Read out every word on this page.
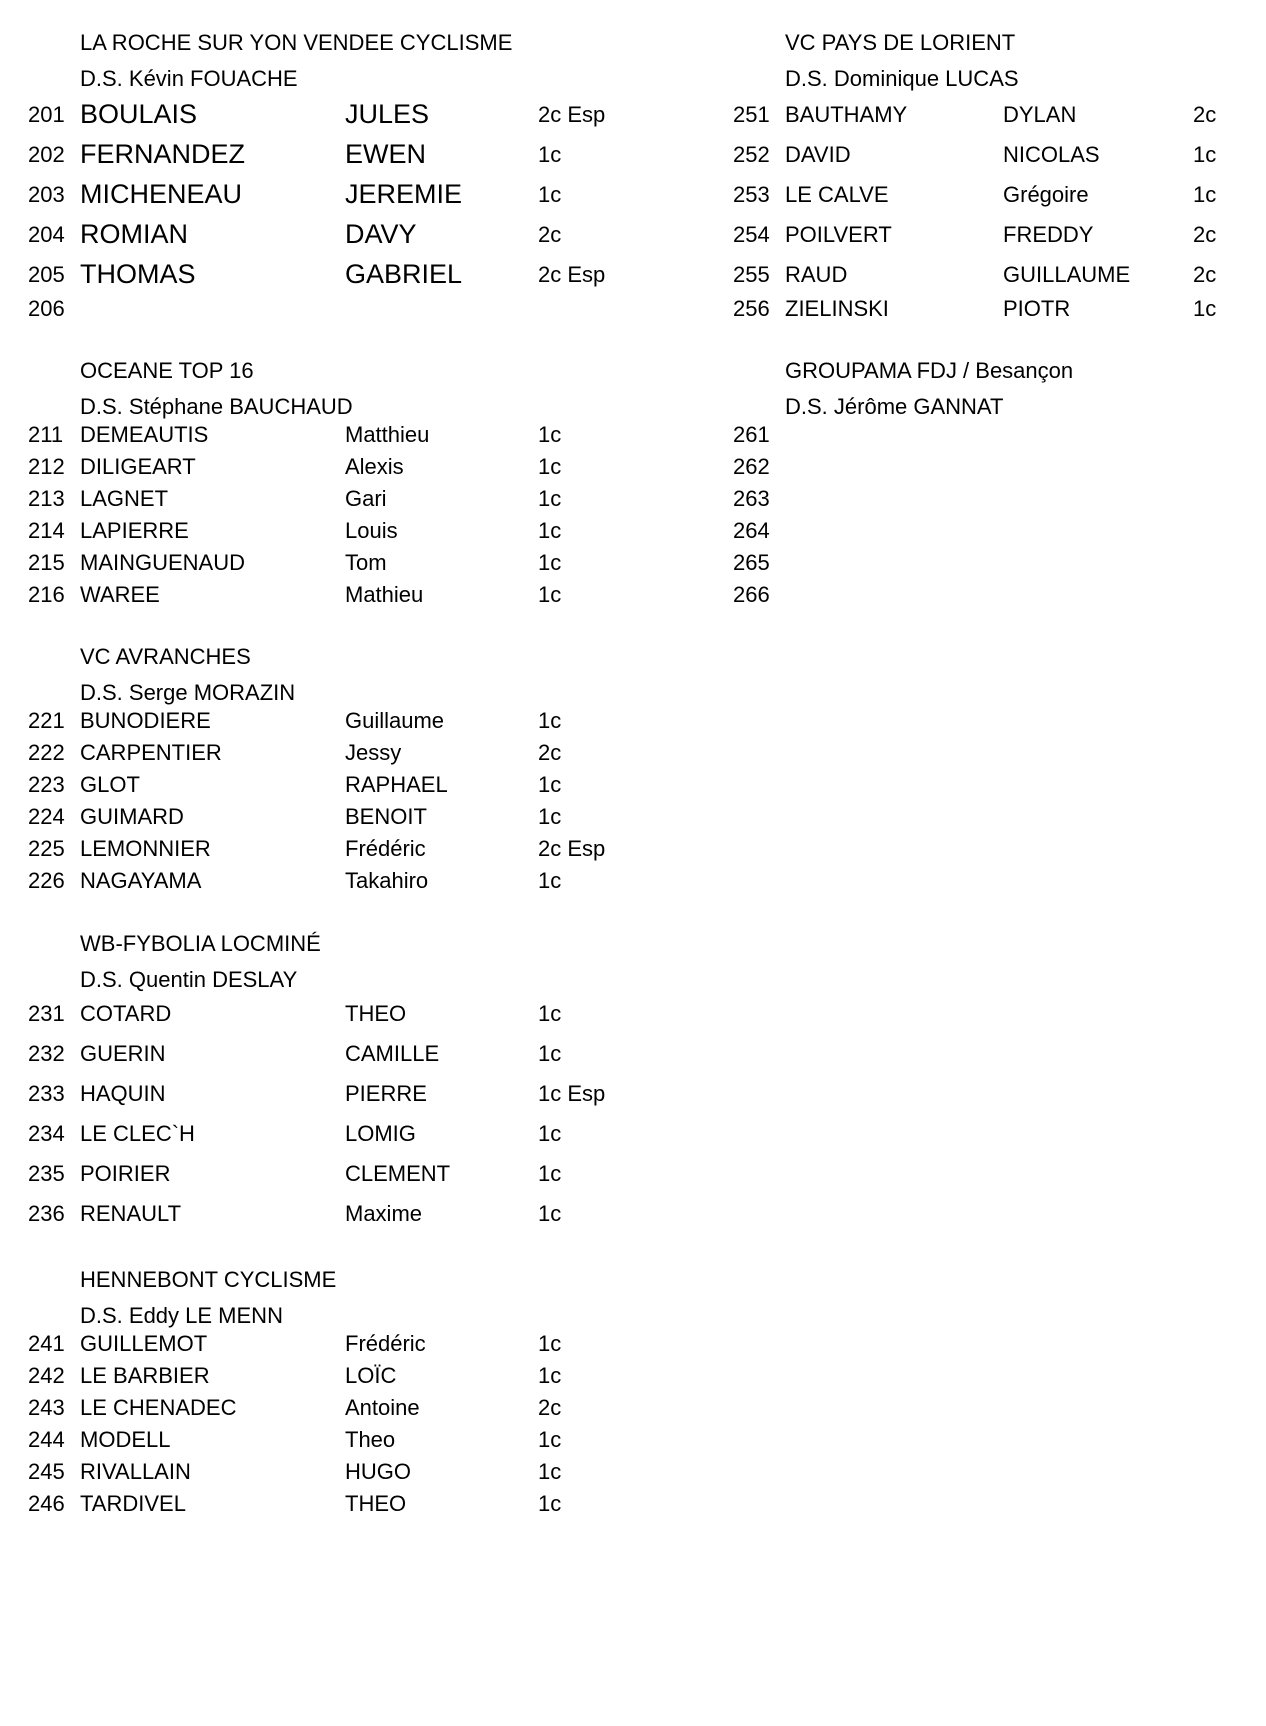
LA ROCHE SUR YON VENDEE CYCLISME
D.S. Kévin FOUACHE
201 BOULAIS	JULES	2c Esp
202 FERNANDEZ	EWEN	1c
203 MICHENEAU	JEREMIE	1c
204 ROMIAN	DAVY	2c
205 THOMAS	GABRIEL	2c Esp
206
OCEANE TOP 16
D.S. Stéphane BAUCHAUD
211 DEMEAUTIS	Matthieu	1c
212 DILIGEART	Alexis	1c
213 LAGNET	Gari	1c
214 LAPIERRE	Louis	1c
215 MAINGUENAUD	Tom	1c
216 WAREE	Mathieu	1c
VC AVRANCHES
D.S. Serge MORAZIN
221 BUNODIERE	Guillaume	1c
222 CARPENTIER	Jessy	2c
223 GLOT	RAPHAEL	1c
224 GUIMARD	BENOIT	1c
225 LEMONNIER	Frédéric	2c Esp
226 NAGAYAMA	Takahiro	1c
WB-FYBOLIA LOCMINÉ
D.S. Quentin DESLAY
231 COTARD	THEO	1c
232 GUERIN	CAMILLE	1c
233 HAQUIN	PIERRE	1c Esp
234 LE CLEC`H	LOMIG	1c
235 POIRIER	CLEMENT	1c
236 RENAULT	Maxime	1c
HENNEBONT CYCLISME
D.S. Eddy LE MENN
241 GUILLEMOT	Frédéric	1c
242 LE BARBIER	LOÏC	1c
243 LE CHENADEC	Antoine	2c
244 MODELL	Theo	1c
245 RIVALLAIN	HUGO	1c
246 TARDIVEL	THEO	1c
VC PAYS DE LORIENT
D.S. Dominique LUCAS
251 BAUTHAMY	DYLAN	2c
252 DAVID	NICOLAS	1c
253 LE CALVE	Grégoire	1c
254 POILVERT	FREDDY	2c
255 RAUD	GUILLAUME	2c
256 ZIELINSKI	PIOTR	1c
GROUPAMA FDJ / Besançon
D.S. Jérôme GANNAT
261
262
263
264
265
266
